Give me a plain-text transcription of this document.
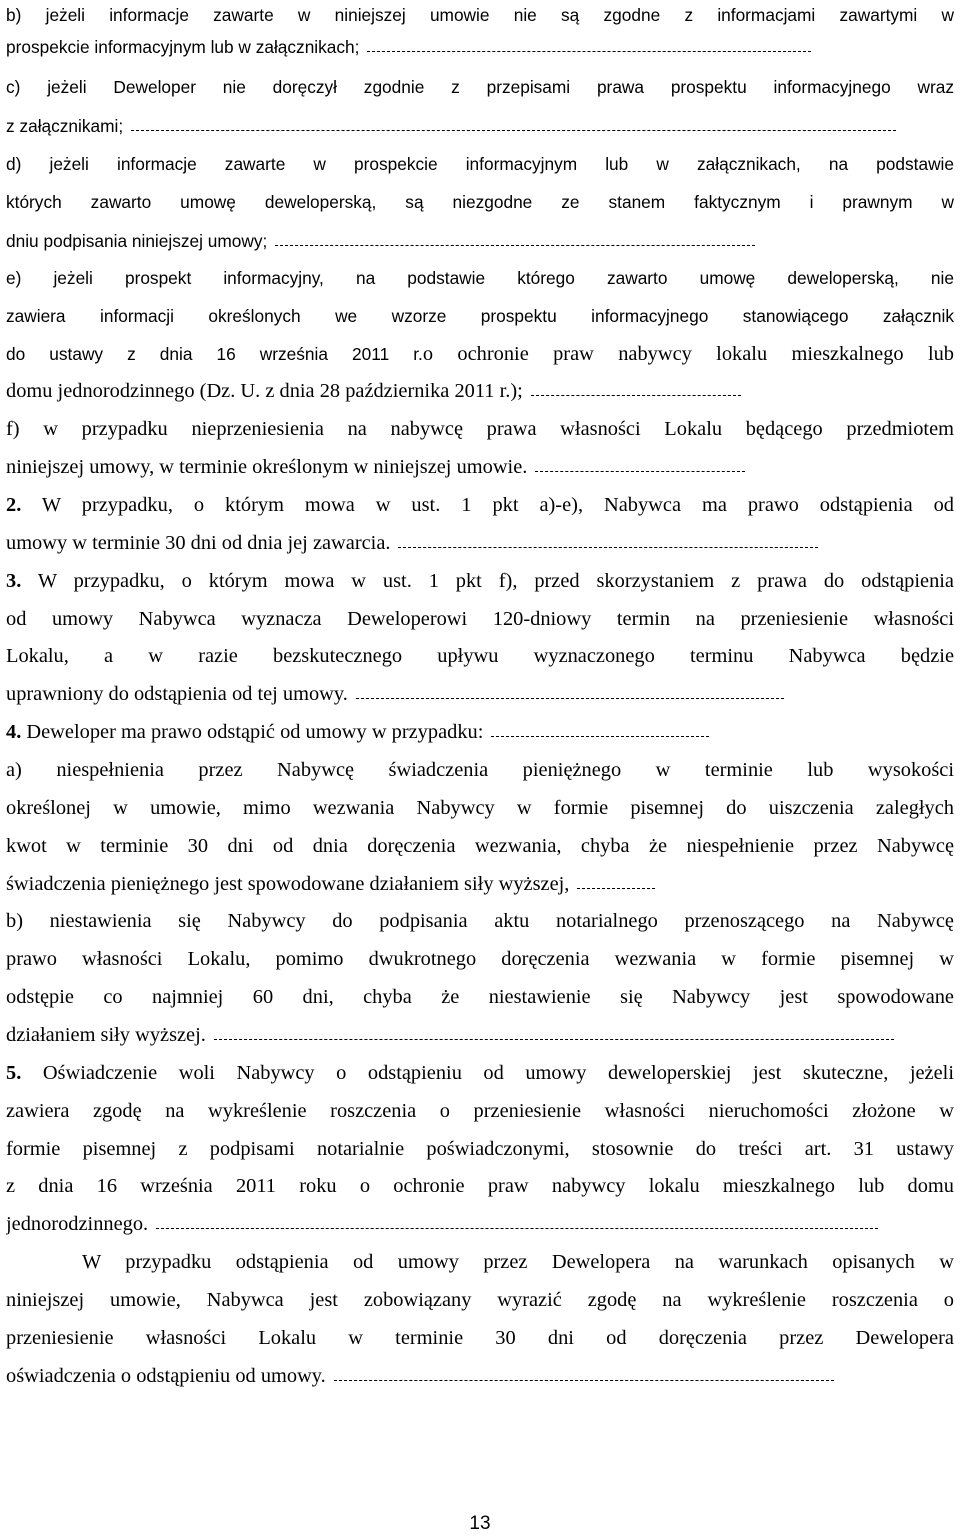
b) jeżeli informacje zawarte w niniejszej umowie nie są zgodne z informacjami zawartymi w
prospekcie informacyjnym lub w załącznikach;
c) jeżeli Deweloper nie doręczył zgodnie z przepisami prawa prospektu informacyjnego wraz
z załącznikami;
d) jeżeli informacje zawarte w prospekcie informacyjnym lub w załącznikach, na podstawie
których zawarto umowę deweloperską, są niezgodne ze stanem faktycznym i prawnym w
dniu podpisania niniejszej umowy;
e) jeżeli prospekt informacyjny, na podstawie którego zawarto umowę deweloperską, nie
zawiera informacji określonych we wzorze prospektu informacyjnego stanowiącego załącznik
do ustawy z dnia 16 września 2011 r.o ochronie praw nabywcy lokalu mieszkalnego lub
domu jednorodzinnego (Dz. U. z dnia 28 października 2011 r.);
f) w przypadku nieprzeniesienia na nabywcę prawa własności Lokalu będącego przedmiotem
niniejszej umowy, w terminie określonym w niniejszej umowie.
2. W przypadku, o którym mowa w ust. 1 pkt a)-e), Nabywca ma prawo odstąpienia od
umowy w terminie 30 dni od dnia jej zawarcia.
3. W przypadku, o którym mowa w ust. 1 pkt f), przed skorzystaniem z prawa do odstąpienia
od umowy Nabywca wyznacza Deweloperowi 120-dniowy termin na przeniesienie własności
Lokalu, a w razie bezskutecznego upływu wyznaczonego terminu Nabywca będzie
uprawniony do odstąpienia od tej umowy.
4. Deweloper ma prawo odstąpić od umowy w przypadku:
a) niespełnienia przez Nabywcę świadczenia pieniężnego w terminie lub wysokości
określonej w umowie, mimo wezwania Nabywcy w formie pisemnej do uiszczenia zaległych
kwot w terminie 30 dni od dnia doręczenia wezwania, chyba że niespełnienie przez Nabywcę
świadczenia pieniężnego jest spowodowane działaniem siły wyższej,
b) niestawienia się Nabywcy do podpisania aktu notarialnego przenoszącego na Nabywcę
prawo własności Lokalu, pomimo dwukrotnego doręczenia wezwania w formie pisemnej w
odstępie co najmniej 60 dni, chyba że niestawienie się Nabywcy jest spowodowane
działaniem siły wyższej.
5. Oświadczenie woli Nabywcy o odstąpieniu od umowy deweloperskiej jest skuteczne, jeżeli
zawiera zgodę na wykreślenie roszczenia o przeniesienie własności nieruchomości złożone w
formie pisemnej z podpisami notarialnie poświadczonymi, stosownie do treści art. 31 ustawy
z dnia 16 września 2011 roku o ochronie praw nabywcy lokalu mieszkalnego lub domu
jednorodzinnego.
W przypadku odstąpienia od umowy przez Dewelopera na warunkach opisanych w
niniejszej umowie, Nabywca jest zobowiązany wyrazić zgodę na wykreślenie roszczenia o
przeniesienie własności Lokalu w terminie 30 dni od doręczenia przez Dewelopera
oświadczenia o odstąpieniu od umowy.
13
